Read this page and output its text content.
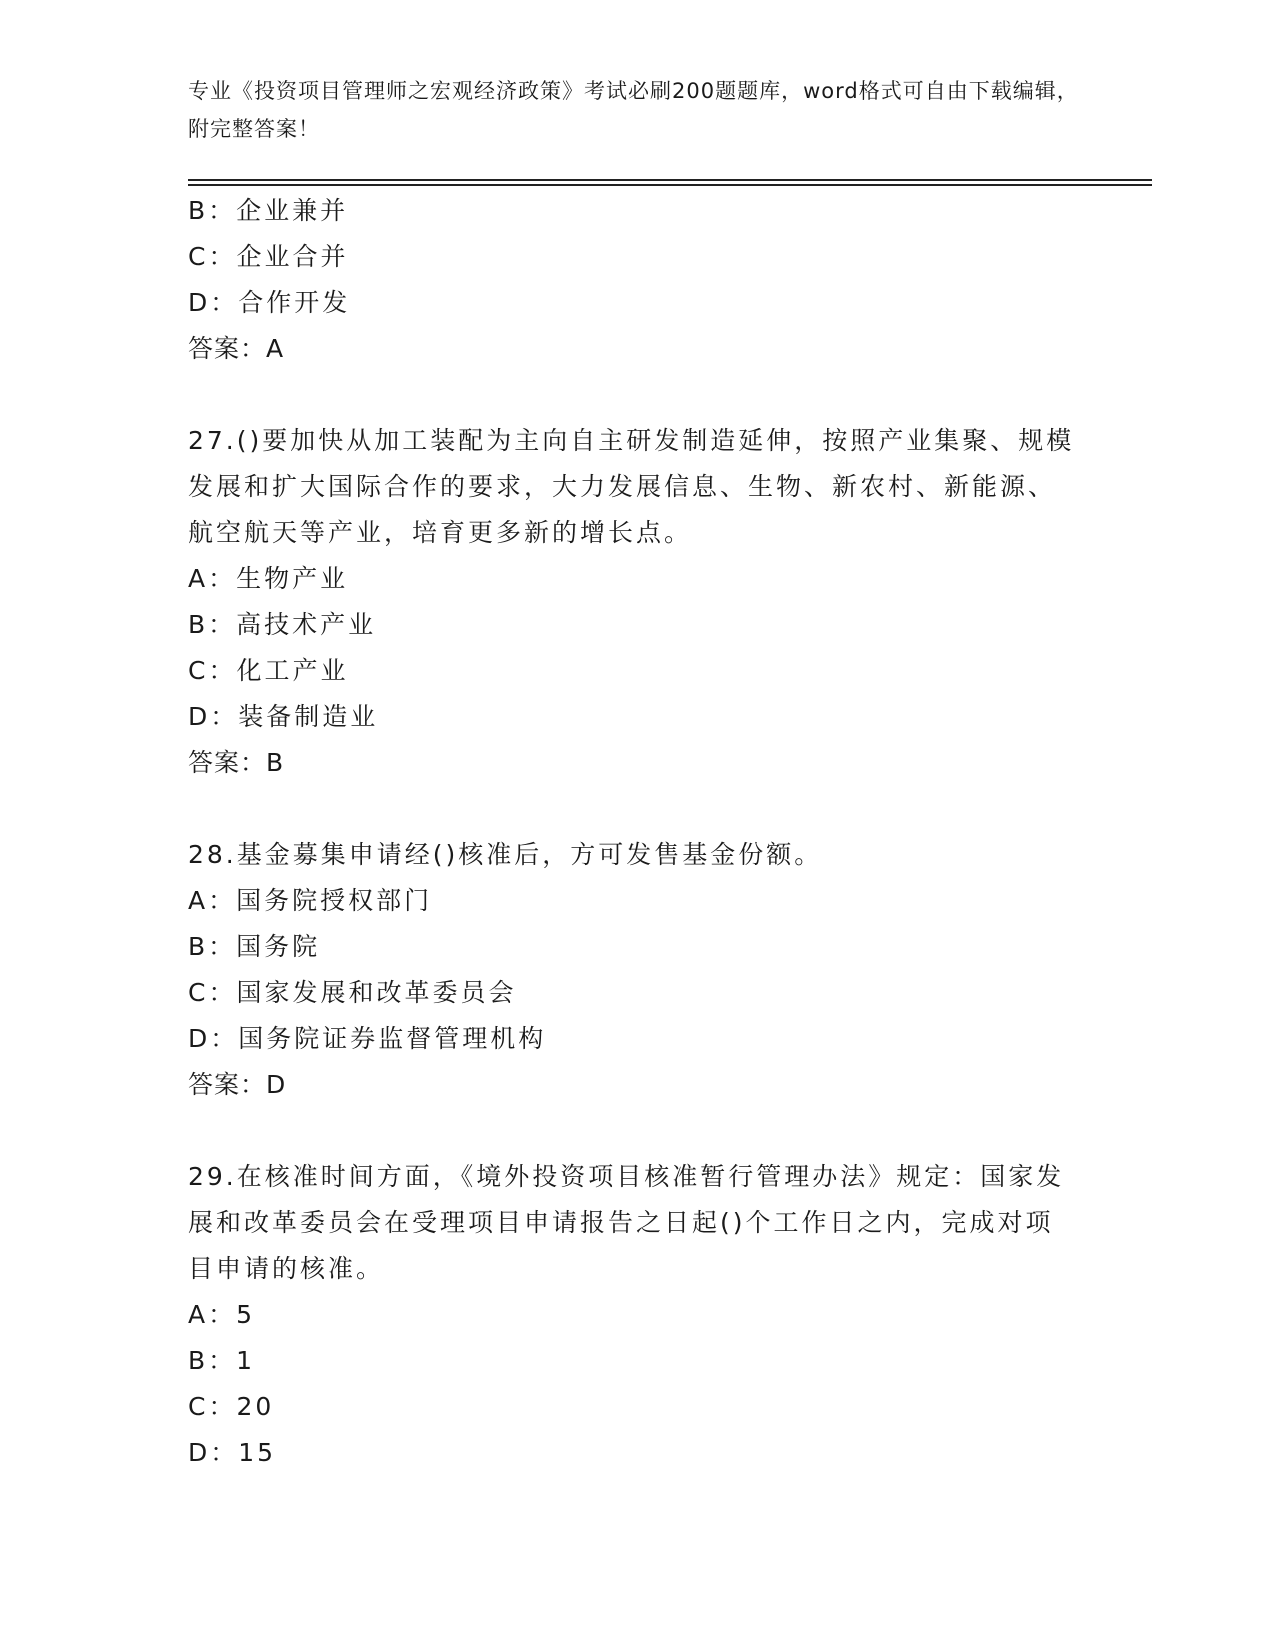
专业《投资项目管理师之宏观经济政策》考试必刷200题题库，word格式可自由下载编辑，附完整答案！
B：企业兼并
C：企业合并
D：合作开发
答案：A
27.()要加快从加工装配为主向自主研发制造延伸，按照产业集聚、规模发展和扩大国际合作的要求，大力发展信息、生物、新农村、新能源、航空航天等产业，培育更多新的增长点。
A：生物产业
B：高技术产业
C：化工产业
D：装备制造业
答案：B
28.基金募集申请经()核准后，方可发售基金份额。
A：国务院授权部门
B：国务院
C：国家发展和改革委员会
D：国务院证券监督管理机构
答案：D
29.在核准时间方面，《境外投资项目核准暂行管理办法》规定：国家发展和改革委员会在受理项目申请报告之日起()个工作日之内，完成对项目申请的核准。
A：5
B：1
C：20
D：15
